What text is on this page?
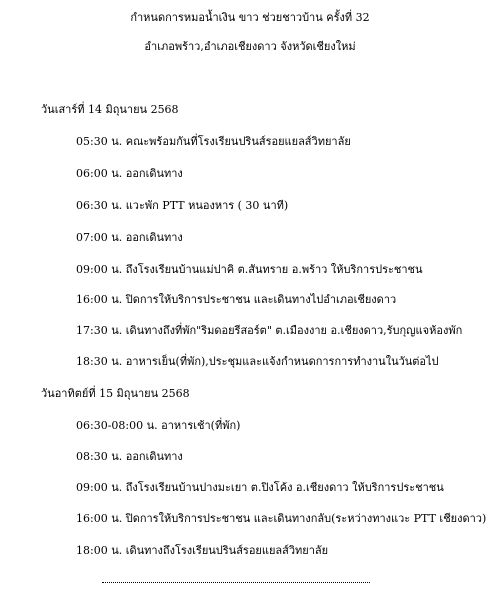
กำหนดการหมอน้ำเงิน ขาว ช่วยชาวบ้าน ครั้งที่ 32
อำเภอพร้าว,อำเภอเชียงดาว จังหวัดเชียงใหม่
วันเสาร์ที่ 14 มิถุนายน 2568
05:30 น. คณะพร้อมกันที่โรงเรียนปรินส์รอยแยลส์วิทยาลัย
06:00 น. ออกเดินทาง
06:30 น. แวะพัก PTT หนองหาร ( 30 นาที)
07:00 น. ออกเดินทาง
09:00 น. ถึงโรงเรียนบ้านแม่ปาคิ ต.สันทราย อ.พร้าว ให้บริการประชาชน
16:00 น. ปิดการให้บริการประชาชน และเดินทางไปอำเภอเชียงดาว
17:30 น. เดินทางถึงที่พัก"ริมดอยรีสอร์ต" ต.เมืองงาย อ.เชียงดาว,รับกุญแจห้องพัก
18:30 น. อาหารเย็น(ที่พัก),ประชุมและแจ้งกำหนดการการทำงานในวันต่อไป
วันอาทิตย์ที่ 15 มิถุนายน 2568
06:30-08:00 น. อาหารเช้า(ที่พัก)
08:30 น. ออกเดินทาง
09:00 น. ถึงโรงเรียนบ้านปางมะเยา ต.ปิงโค้ง อ.เชียงดาว ให้บริการประชาชน
16:00 น. ปิดการให้บริการประชาชน และเดินทางกลับ(ระหว่างทางแวะ PTT เชียงดาว)
18:00 น. เดินทางถึงโรงเรียนปรินส์รอยแยลส์วิทยาลัย
